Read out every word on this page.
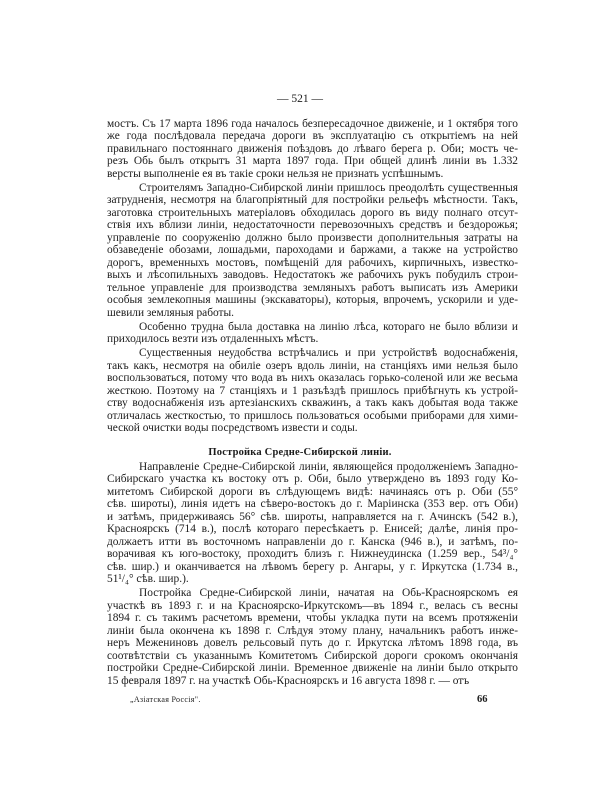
— 521 —
мостъ. Съ 17 марта 1896 года началось безпересадочное движеніе, и 1 октября того
же года послѣдовала передача дороги въ эксплуатацію съ открытіемъ на ней
правильнаго постояннаго движенія поѣздовъ до лѣваго берега р. Оби; мостъ че-
резъ Обь былъ открытъ 31 марта 1897 года. При общей длинѣ линіи въ 1.332
версты выполненіе ея въ такіе сроки нельзя не признать успѣшнымъ.
Строителямъ Западно-Сибирской линіи пришлось преодолѣть существенныя
затрудненія, несмотря на благопріятный для постройки рельефъ мѣстности. Такъ,
заготовка строительныхъ матеріаловъ обходилась дорого въ виду полнаго отсут-
ствія ихъ вблизи линіи, недостаточности перевозочныхъ средствъ и бездорожья;
управленіе по сооруженію должно было произвести дополнительныя затраты на
обзаведеніе обозами, лошадьми, пароходами и баржами, а также на устройство
дорогъ, временныхъ мостовъ, помѣщеній для рабочихъ, кирпичныхъ, известко-
выхъ и лѣсопильныхъ заводовъ. Недостатокъ же рабочихъ рукъ побудилъ строи-
тельное управленіе для производства земляныхъ работъ выписать изъ Америки
особыя землекопныя машины (экскаваторы), которыя, впрочемъ, ускорили и уде-
шевили земляныя работы.
Особенно трудна была доставка на линію лѣса, котораго не было вблизи и
приходилось везти изъ отдаленныхъ мѣстъ.
Существенныя неудобства встрѣчались и при устройствѣ водоснабженія,
такъ какъ, несмотря на обиліе озеръ вдоль линіи, на станціяхъ ими нельзя было
воспользоваться, потому что вода въ нихъ оказалась горько-соленой или же весьма
жесткою. Поэтому на 7 станціяхъ и 1 разъѣздѣ пришлось прибѣгнуть къ устрой-
ству водоснабженія изъ артезіанскихъ скважинъ, а такъ какъ добытая вода также
отличалась жесткостью, то пришлось пользоваться особыми приборами для хими-
ческой очистки воды посредствомъ извести и соды.
Постройка Средне-Сибирской линіи.
Направленіе Средне-Сибирской линіи, являющейся продолженіемъ Западно-
Сибирскаго участка къ востоку отъ р. Оби, было утверждено въ 1893 году Ко-
митетомъ Сибирской дороги въ слѣдующемъ видѣ: начинаясь отъ р. Оби (55°
сѣв. широты), линія идетъ на сѣверо-востокъ до г. Маріинска (353 вер. отъ Оби)
и затѣмъ, придерживаясь 56° сѣв. широты, направляется на г. Ачинскъ (542 в.),
Красноярскъ (714 в.), послѣ котораго пересѣкаетъ р. Енисей; далѣе, линія про-
должаетъ итти въ восточномъ направленіи до г. Канска (946 в.), и затѣмъ, по-
ворачивая къ юго-востоку, проходитъ близъ г. Нижнеудинска (1.259 вер., 54³/₄°
сѣв. шир.) и оканчивается на лѣвомъ берегу р. Ангары, у г. Иркутска (1.734 в.,
51¹/₄° сѣв. шир.).
Постройка Средне-Сибирской линіи, начатая на Обь-Красноярскомъ ея
участкѣ въ 1893 г. и на Красноярско-Иркутскомъ—въ 1894 г., велась съ весны
1894 г. съ такимъ расчетомъ времени, чтобы укладка пути на всемъ протяженіи
линіи была окончена къ 1898 г. Слѣдуя этому плану, начальникъ работъ инже-
неръ Межениновъ довелъ рельсовый путь до г. Иркутска лѣтомъ 1898 года, въ
соотвѣтствіи съ указаннымъ Комитетомъ Сибирской дороги срокомъ окончанія
постройки Средне-Сибирской линіи. Временное движеніе на линіи было открыто
15 февраля 1897 г. на участкѣ Обь-Красноярскъ и 16 августа 1898 г. — отъ
„Азіатская Россія".	66
